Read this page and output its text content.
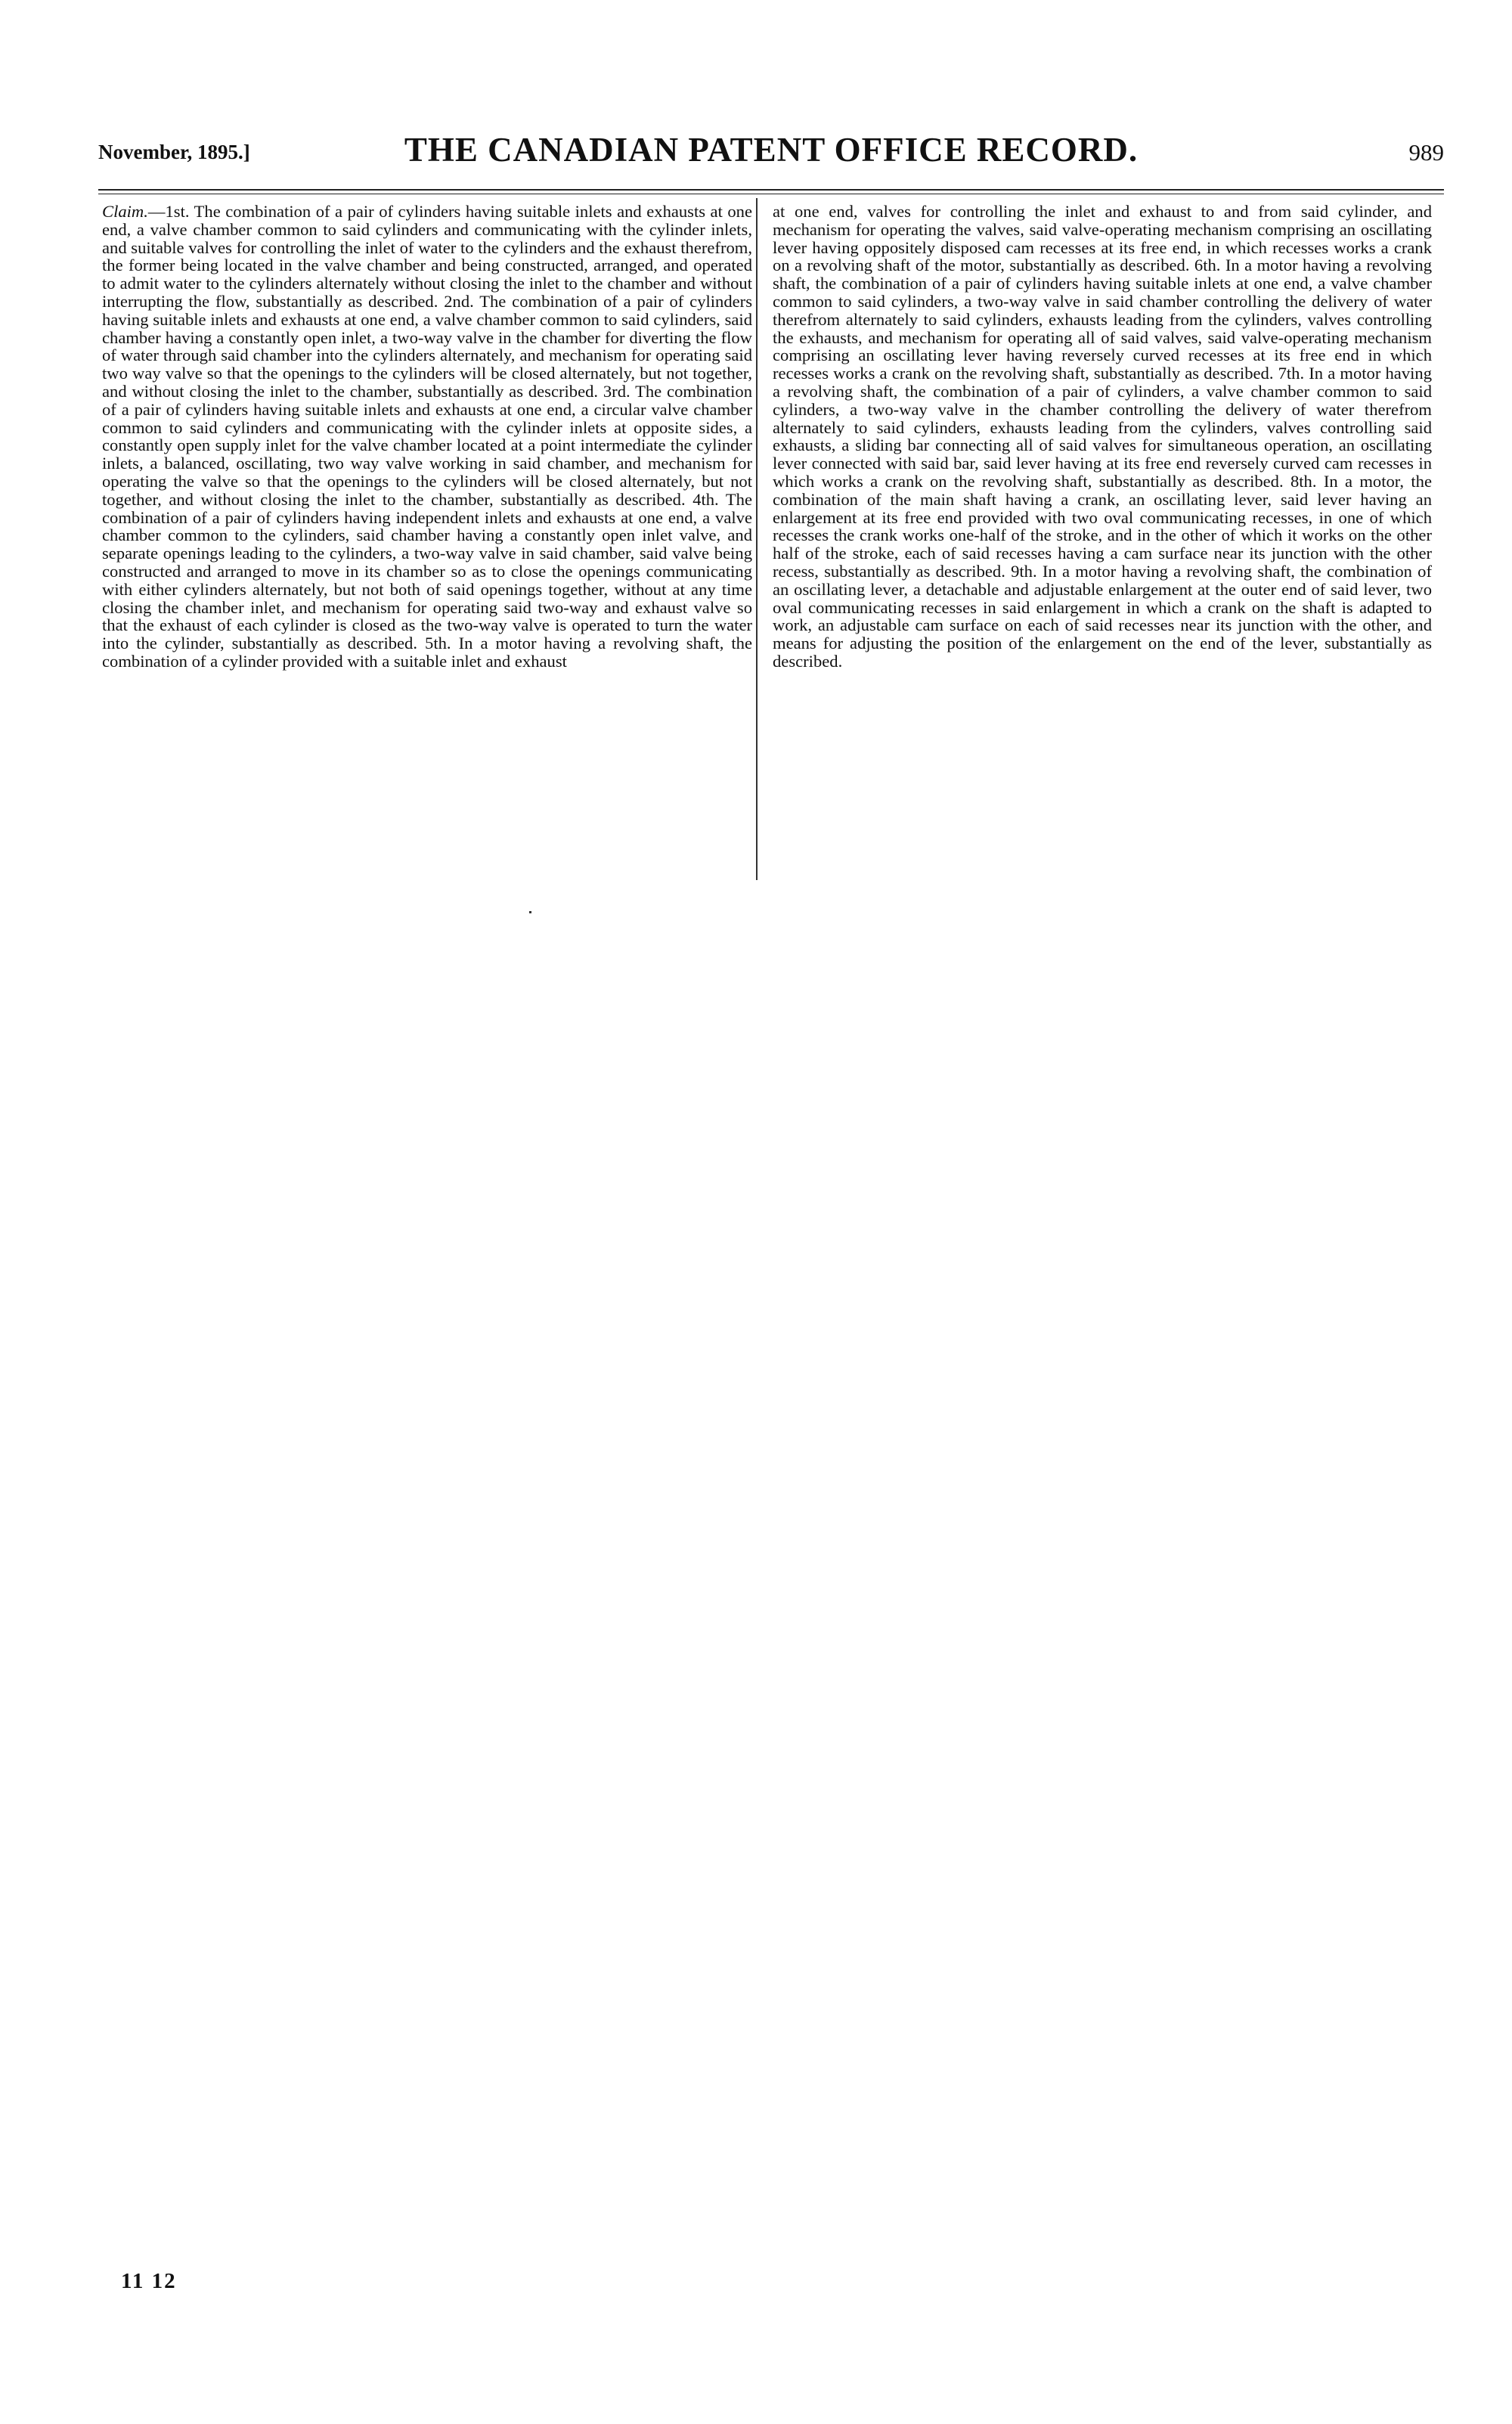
November, 1895.]	THE CANADIAN PATENT OFFICE RECORD.	989
Claim.—1st. The combination of a pair of cylinders having suitable inlets and exhausts at one end, a valve chamber common to said cylinders and communicating with the cylinder inlets, and suitable valves for controlling the inlet of water to the cylinders and the exhaust therefrom, the former being located in the valve chamber and being constructed, arranged, and operated to admit water to the cylinders alternately without closing the inlet to the chamber and without interrupting the flow, substantially as described. 2nd. The combination of a pair of cylinders having suitable inlets and exhausts at one end, a valve chamber common to said cylinders, said chamber having a constantly open inlet, a two-way valve in the chamber for diverting the flow of water through said chamber into the cylinders alternately, and mechanism for operating said two way valve so that the openings to the cylinders will be closed alternately, but not together, and without closing the inlet to the chamber, substantially as described. 3rd. The combination of a pair of cylinders having suitable inlets and exhausts at one end, a circular valve chamber common to said cylinders and communicating with the cylinder inlets at opposite sides, a constantly open supply inlet for the valve chamber located at a point intermediate the cylinder inlets, a balanced, oscillating, two way valve working in said chamber, and mechanism for operating the valve so that the openings to the cylinders will be closed alternately, but not together, and without closing the inlet to the chamber, substantially as described. 4th. The combination of a pair of cylinders having independent inlets and exhausts at one end, a valve chamber common to the cylinders, said chamber having a constantly open inlet valve, and separate openings leading to the cylinders, a two-way valve in said chamber, said valve being constructed and arranged to move in its chamber so as to close the openings communicating with either cylinders alternately, but not both of said openings together, without at any time closing the chamber inlet, and mechanism for operating said two-way and exhaust valve so that the exhaust of each cylinder is closed as the two-way valve is operated to turn the water into the cylinder, substantially as described. 5th. In a motor having a revolving shaft, the combination of a cylinder provided with a suitable inlet and exhaust
at one end, valves for controlling the inlet and exhaust to and from said cylinder, and mechanism for operating the valves, said valve-operating mechanism comprising an oscillating lever having oppositely disposed cam recesses at its free end, in which recesses works a crank on a revolving shaft of the motor, substantially as described. 6th. In a motor having a revolving shaft, the combination of a pair of cylinders having suitable inlets at one end, a valve chamber common to said cylinders, a two-way valve in said chamber controlling the delivery of water therefrom alternately to said cylinders, exhausts leading from the cylinders, valves controlling the exhausts, and mechanism for operating all of said valves, said valve-operating mechanism comprising an oscillating lever having reversely curved recesses at its free end in which recesses works a crank on the revolving shaft, substantially as described. 7th. In a motor having a revolving shaft, the combination of a pair of cylinders, a valve chamber common to said cylinders, a two-way valve in the chamber controlling the delivery of water therefrom alternately to said cylinders, exhausts leading from the cylinders, valves controlling said exhausts, a sliding bar connecting all of said valves for simultaneous operation, an oscillating lever connected with said bar, said lever having at its free end reversely curved cam recesses in which works a crank on the revolving shaft, substantially as described. 8th. In a motor, the combination of the main shaft having a crank, an oscillating lever, said lever having an enlargement at its free end provided with two oval communicating recesses, in one of which recesses the crank works one-half of the stroke, and in the other of which it works on the other half of the stroke, each of said recesses having a cam surface near its junction with the other recess, substantially as described. 9th. In a motor having a revolving shaft, the combination of an oscillating lever, a detachable and adjustable enlargement at the outer end of said lever, two oval communicating recesses in said enlargement in which a crank on the shaft is adapted to work, an adjustable cam surface on each of said recesses near its junction with the other, and means for adjusting the position of the enlargement on the end of the lever, substantially as described.
11 12
